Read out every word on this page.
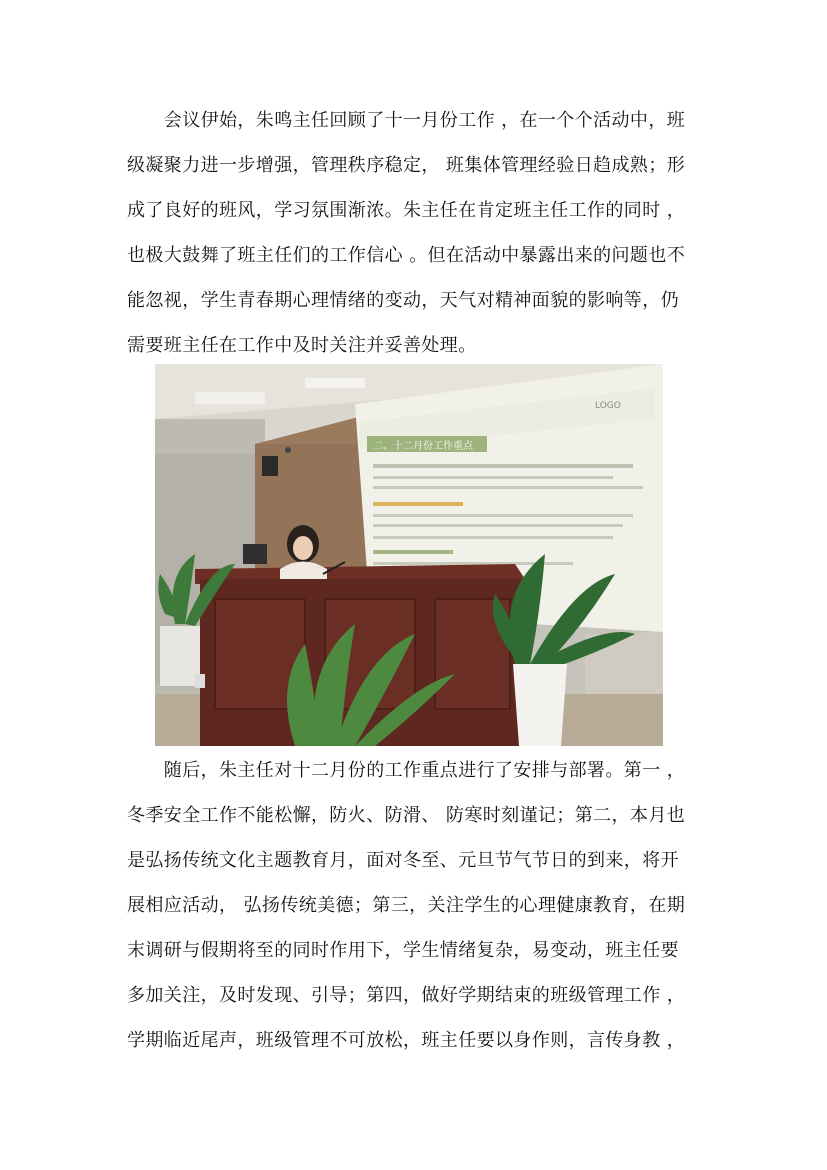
　　会议伊始，朱鸣主任回顾了十一月份工作 ，在一个个活动中，班
级凝聚力进一步增强，管理秩序稳定， 班集体管理经验日趋成熟；形
成了良好的班风，学习氛围渐浓。朱主任在肯定班主任工作的同时 ，
也极大鼓舞了班主任们的工作信心 。但在活动中暴露出来的问题也不
能忽视，学生青春期心理情绪的变动，天气对精神面貌的影响等，仍
需要班主任在工作中及时关注并妥善处理。
二、十二月份工作重点
LOGO
　　随后，朱主任对十二月份的工作重点进行了安排与部署。第一 ，
冬季安全工作不能松懈，防火、防滑、 防寒时刻谨记；第二，本月也
是弘扬传统文化主题教育月，面对冬至、元旦节气节日的到来，将开
展相应活动， 弘扬传统美德；第三，关注学生的心理健康教育，在期
末调研与假期将至的同时作用下，学生情绪复杂，易变动，班主任要
多加关注，及时发现、引导；第四，做好学期结束的班级管理工作 ，
学期临近尾声，班级管理不可放松，班主任要以身作则，言传身教 ，
